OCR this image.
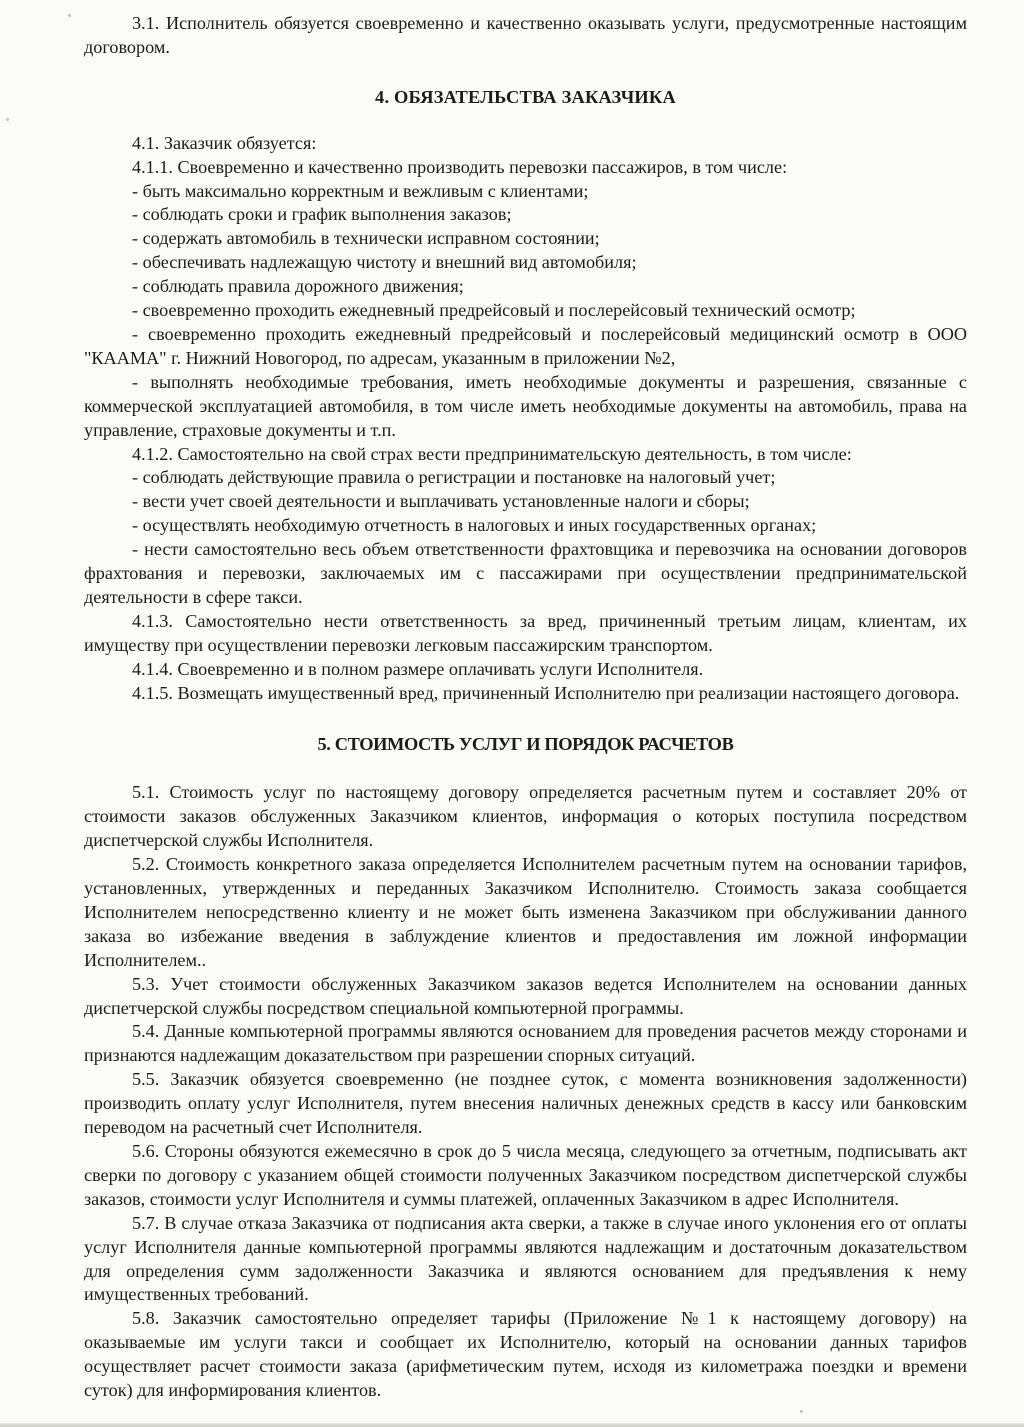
3.1. Исполнитель обязуется своевременно и качественно оказывать услуги, предусмотренные настоящим договором.

4. ОБЯЗАТЕЛЬСТВА ЗАКАЗЧИКА

4.1. Заказчик обязуется:

4.1.1. Своевременно и качественно производить перевозки пассажиров, в том числе:

- быть максимально корректным и вежливым с клиентами;

- соблюдать сроки и график выполнения заказов;

- содержать автомобиль в технически исправном состоянии;

- обеспечивать надлежащую чистоту и внешний вид автомобиля;

- соблюдать правила дорожного движения;

- своевременно проходить ежедневный предрейсовый и послерейсовый технический осмотр;

- своевременно проходить ежедневный предрейсовый и послерейсовый медицинский осмотр в ООО "КААМА" г. Нижний Новогород, по адресам, указанным в приложении №2,

- выполнять необходимые требования, иметь необходимые документы и разрешения, связанные с коммерческой эксплуатацией автомобиля, в том числе иметь необходимые документы на автомобиль, права на управление, страховые документы и т.п.

4.1.2. Самостоятельно на свой страх вести предпринимательскую деятельность, в том числе:

- соблюдать действующие правила о регистрации и постановке на налоговый учет;

- вести учет своей деятельности и выплачивать установленные налоги и сборы;

- осуществлять необходимую отчетность в налоговых и иных государственных органах;

- нести самостоятельно весь объем ответственности фрахтовщика и перевозчика на основании договоров фрахтования и перевозки, заключаемых им с пассажирами при осуществлении предпринимательской деятельности в сфере такси.

4.1.3. Самостоятельно нести ответственность за вред, причиненный третьим лицам, клиентам, их имуществу при осуществлении перевозки легковым пассажирским транспортом.

4.1.4. Своевременно и в полном размере оплачивать услуги Исполнителя.

4.1.5. Возмещать имущественный вред, причиненный Исполнителю при реализации настоящего договора.

5. СТОИМОСТЬ УСЛУГ И ПОРЯДОК РАСЧЕТОВ

5.1. Стоимость услуг по настоящему договору определяется расчетным путем и составляет 20% от стоимости заказов обслуженных Заказчиком клиентов, информация о которых поступила посредством диспетчерской службы Исполнителя.

5.2. Стоимость конкретного заказа определяется Исполнителем расчетным путем на основании тарифов, установленных, утвержденных и переданных Заказчиком Исполнителю. Стоимость заказа сообщается Исполнителем непосредственно клиенту и не может быть изменена Заказчиком при обслуживании данного заказа во избежание введения в заблуждение клиентов и предоставления им ложной информации Исполнителем..

5.3. Учет стоимости обслуженных Заказчиком заказов ведется Исполнителем на основании данных диспетчерской службы посредством специальной компьютерной программы.

5.4. Данные компьютерной программы являются основанием для проведения расчетов между сторонами и признаются надлежащим доказательством при разрешении спорных ситуаций.

5.5. Заказчик обязуется своевременно (не позднее суток, с момента возникновения задолженности) производить оплату услуг Исполнителя, путем внесения наличных денежных средств в кассу или банковским переводом на расчетный счет Исполнителя.

5.6. Стороны обязуются ежемесячно в срок до 5 числа месяца, следующего за отчетным, подписывать акт сверки по договору с указанием общей стоимости полученных Заказчиком посредством диспетчерской службы заказов, стоимости услуг Исполнителя и суммы платежей, оплаченных Заказчиком в адрес Исполнителя.

5.7. В случае отказа Заказчика от подписания акта сверки, а также в случае иного уклонения его от оплаты услуг Исполнителя данные компьютерной программы являются надлежащим и достаточным доказательством для определения сумм задолженности Заказчика и являются основанием для предъявления к нему имущественных требований.

5.8. Заказчик самостоятельно определяет тарифы (Приложение №1 к настоящему договору) на оказываемые им услуги такси и сообщает их Исполнителю, который на основании данных тарифов осуществляет расчет стоимости заказа (арифметическим путем, исходя из километража поездки и времени суток) для информирования клиентов.
